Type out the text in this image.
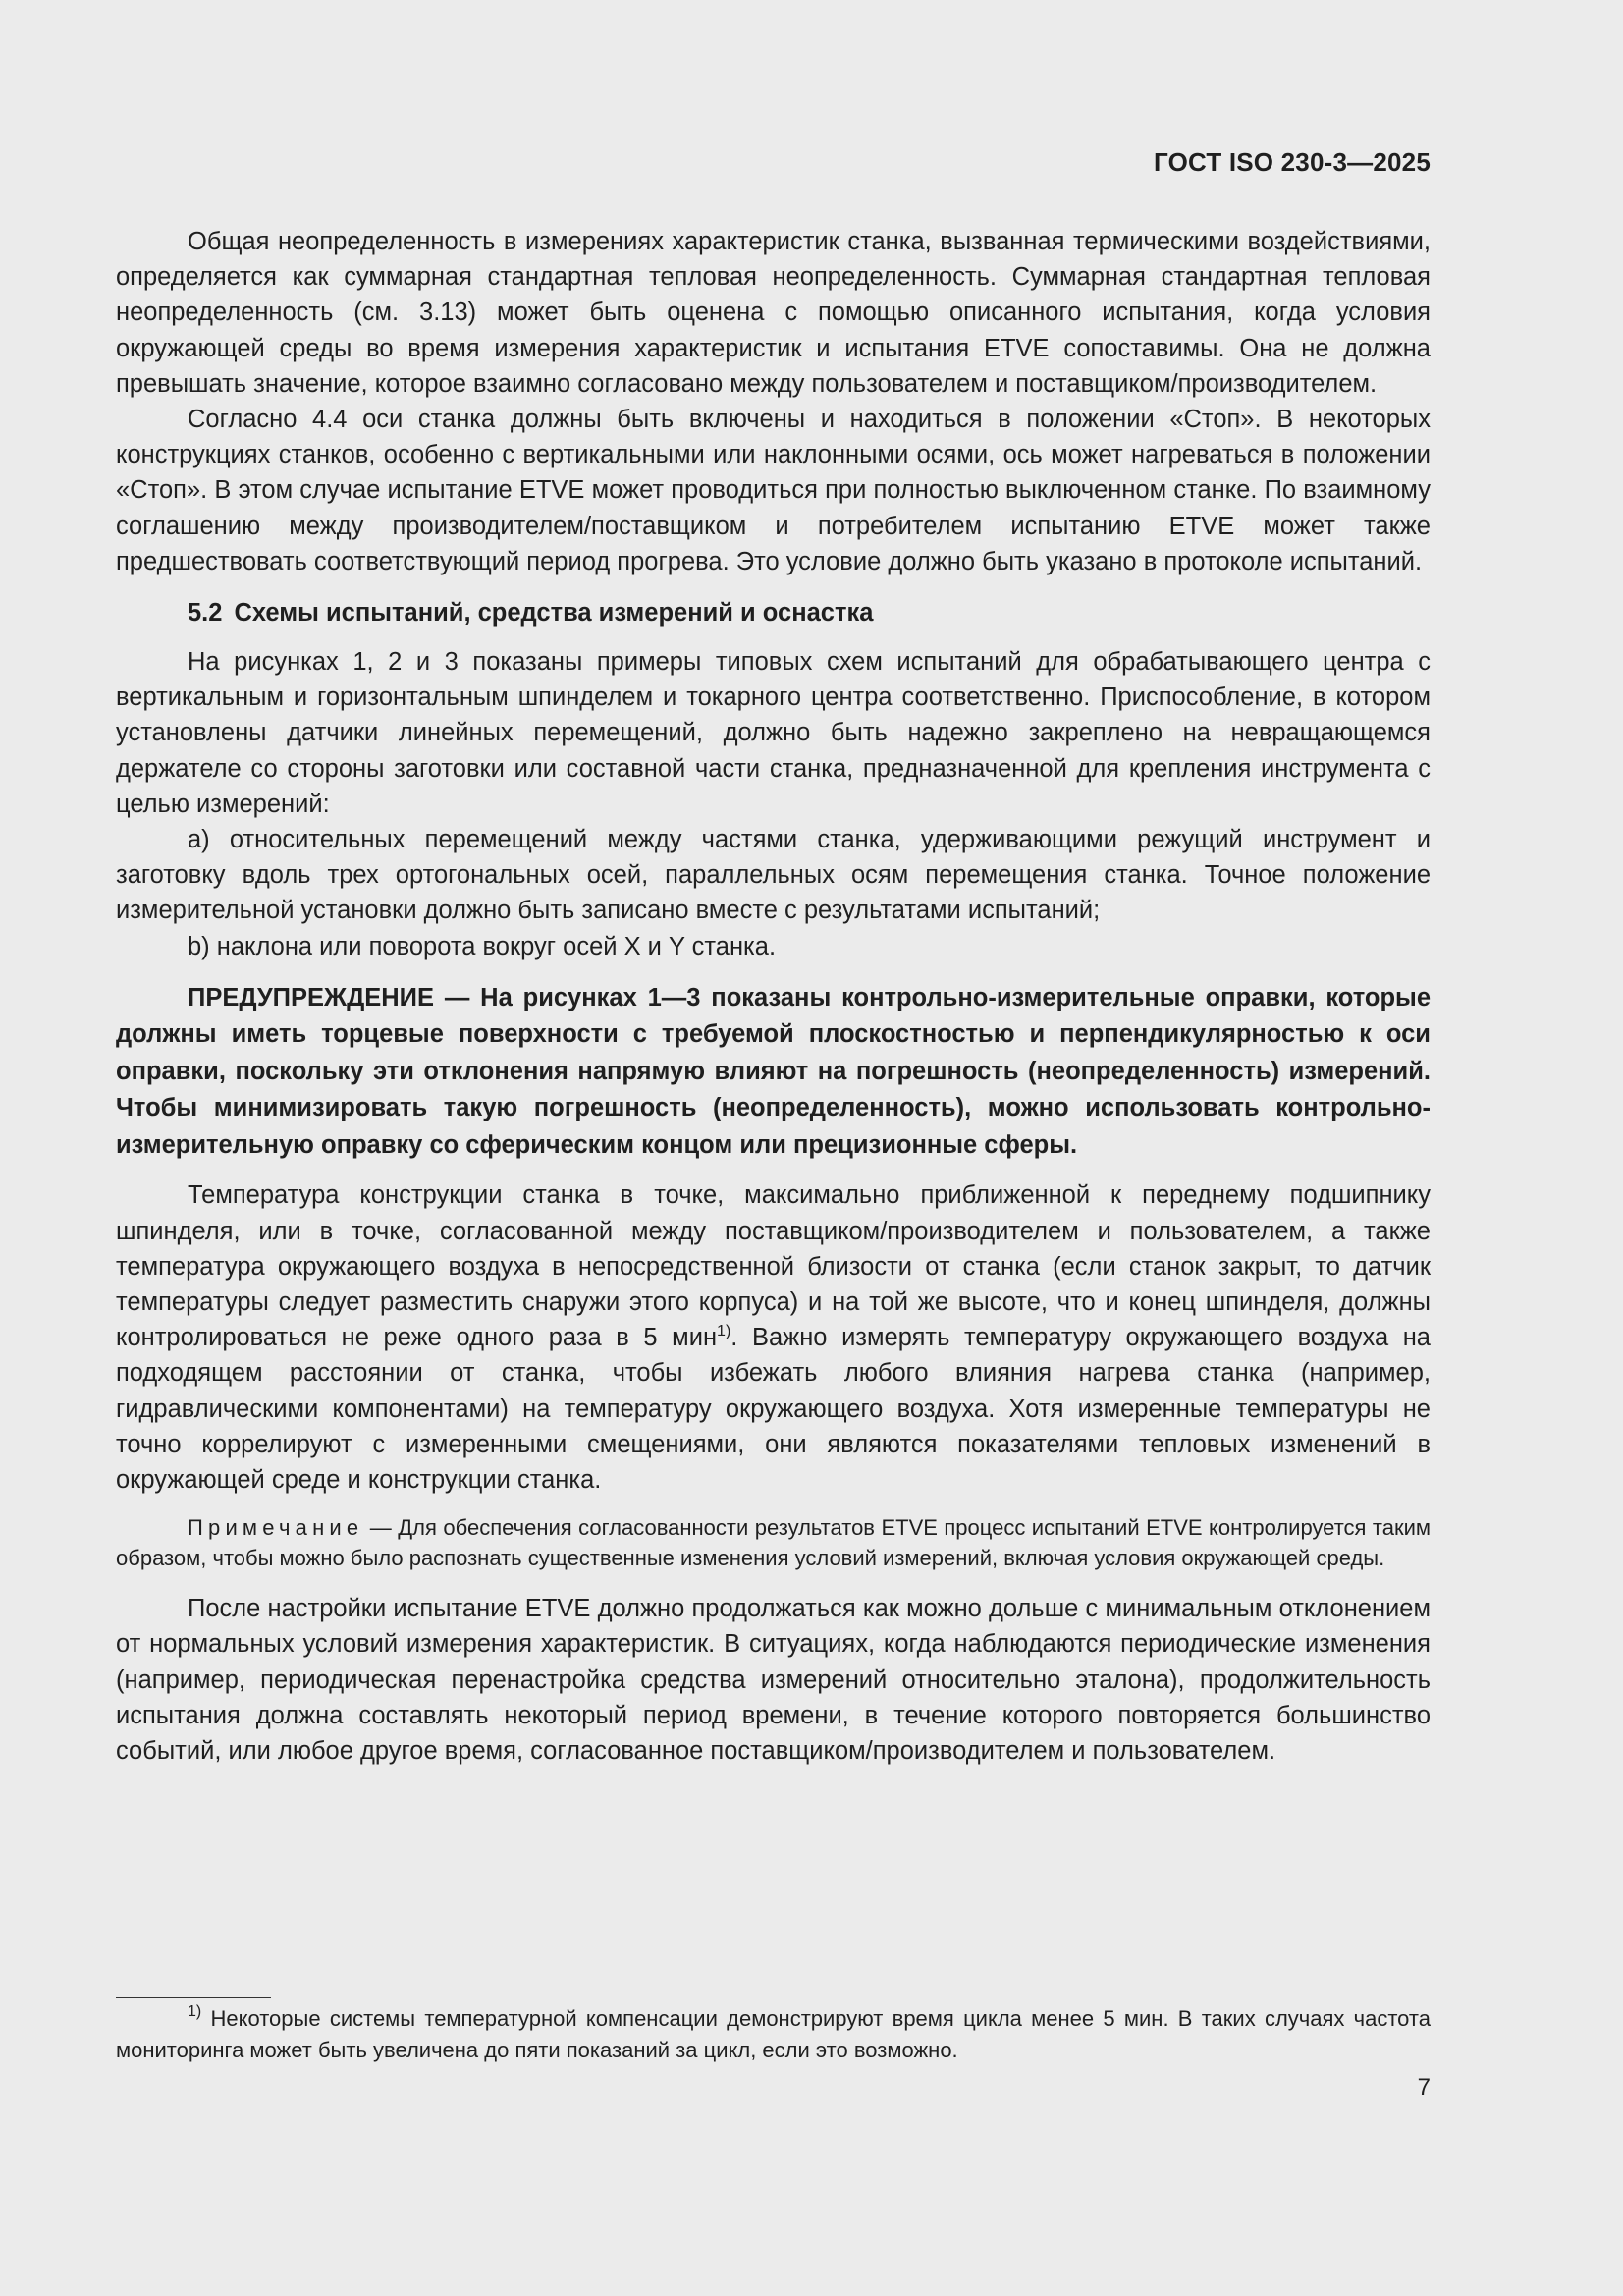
ГОСТ ISO 230-3—2025

Общая неопределенность в измерениях характеристик станка, вызванная термическими воздействиями, определяется как суммарная стандартная тепловая неопределенность. Суммарная стандартная тепловая неопределенность (см. 3.13) может быть оценена с помощью описанного испытания, когда условия окружающей среды во время измерения характеристик и испытания ETVE сопоставимы. Она не должна превышать значение, которое взаимно согласовано между пользователем и поставщиком/производителем.

Согласно 4.4 оси станка должны быть включены и находиться в положении «Стоп». В некоторых конструкциях станков, особенно с вертикальными или наклонными осями, ось может нагреваться в положении «Стоп». В этом случае испытание ETVE может проводиться при полностью выключенном станке. По взаимному соглашению между производителем/поставщиком и потребителем испытанию ETVE может также предшествовать соответствующий период прогрева. Это условие должно быть указано в протоколе испытаний.

5.2 Схемы испытаний, средства измерений и оснастка

На рисунках 1, 2 и 3 показаны примеры типовых схем испытаний для обрабатывающего центра с вертикальным и горизонтальным шпинделем и токарного центра соответственно. Приспособление, в котором установлены датчики линейных перемещений, должно быть надежно закреплено на невращающемся держателе со стороны заготовки или составной части станка, предназначенной для крепления инструмента с целью измерений:

a) относительных перемещений между частями станка, удерживающими режущий инструмент и заготовку вдоль трех ортогональных осей, параллельных осям перемещения станка. Точное положение измерительной установки должно быть записано вместе с результатами испытаний;

b) наклона или поворота вокруг осей X и Y станка.

ПРЕДУПРЕЖДЕНИЕ — На рисунках 1—3 показаны контрольно-измерительные оправки, которые должны иметь торцевые поверхности с требуемой плоскостностью и перпендикулярностью к оси оправки, поскольку эти отклонения напрямую влияют на погрешность (неопределенность) измерений. Чтобы минимизировать такую погрешность (неопределенность), можно использовать контрольно-измерительную оправку со сферическим концом или прецизионные сферы.

Температура конструкции станка в точке, максимально приближенной к переднему подшипнику шпинделя, или в точке, согласованной между поставщиком/производителем и пользователем, а также температура окружающего воздуха в непосредственной близости от станка (если станок закрыт, то датчик температуры следует разместить снаружи этого корпуса) и на той же высоте, что и конец шпинделя, должны контролироваться не реже одного раза в 5 мин$^{1)}$. Важно измерять температуру окружающего воздуха на подходящем расстоянии от станка, чтобы избежать любого влияния нагрева станка (например, гидравлическими компонентами) на температуру окружающего воздуха. Хотя измеренные температуры не точно коррелируют с измеренными смещениями, они являются показателями тепловых изменений в окружающей среде и конструкции станка.

Примечание — Для обеспечения согласованности результатов ETVE процесс испытаний ETVE контролируется таким образом, чтобы можно было распознать существенные изменения условий измерений, включая условия окружающей среды.

После настройки испытание ETVE должно продолжаться как можно дольше с минимальным отклонением от нормальных условий измерения характеристик. В ситуациях, когда наблюдаются периодические изменения (например, периодическая перенастройка средства измерений относительно эталона), продолжительность испытания должна составлять некоторый период времени, в течение которого повторяется большинство событий, или любое другое время, согласованное поставщиком/производителем и пользователем.

$^{1)}$ Некоторые системы температурной компенсации демонстрируют время цикла менее 5 мин. В таких случаях частота мониторинга может быть увеличена до пяти показаний за цикл, если это возможно.
7
